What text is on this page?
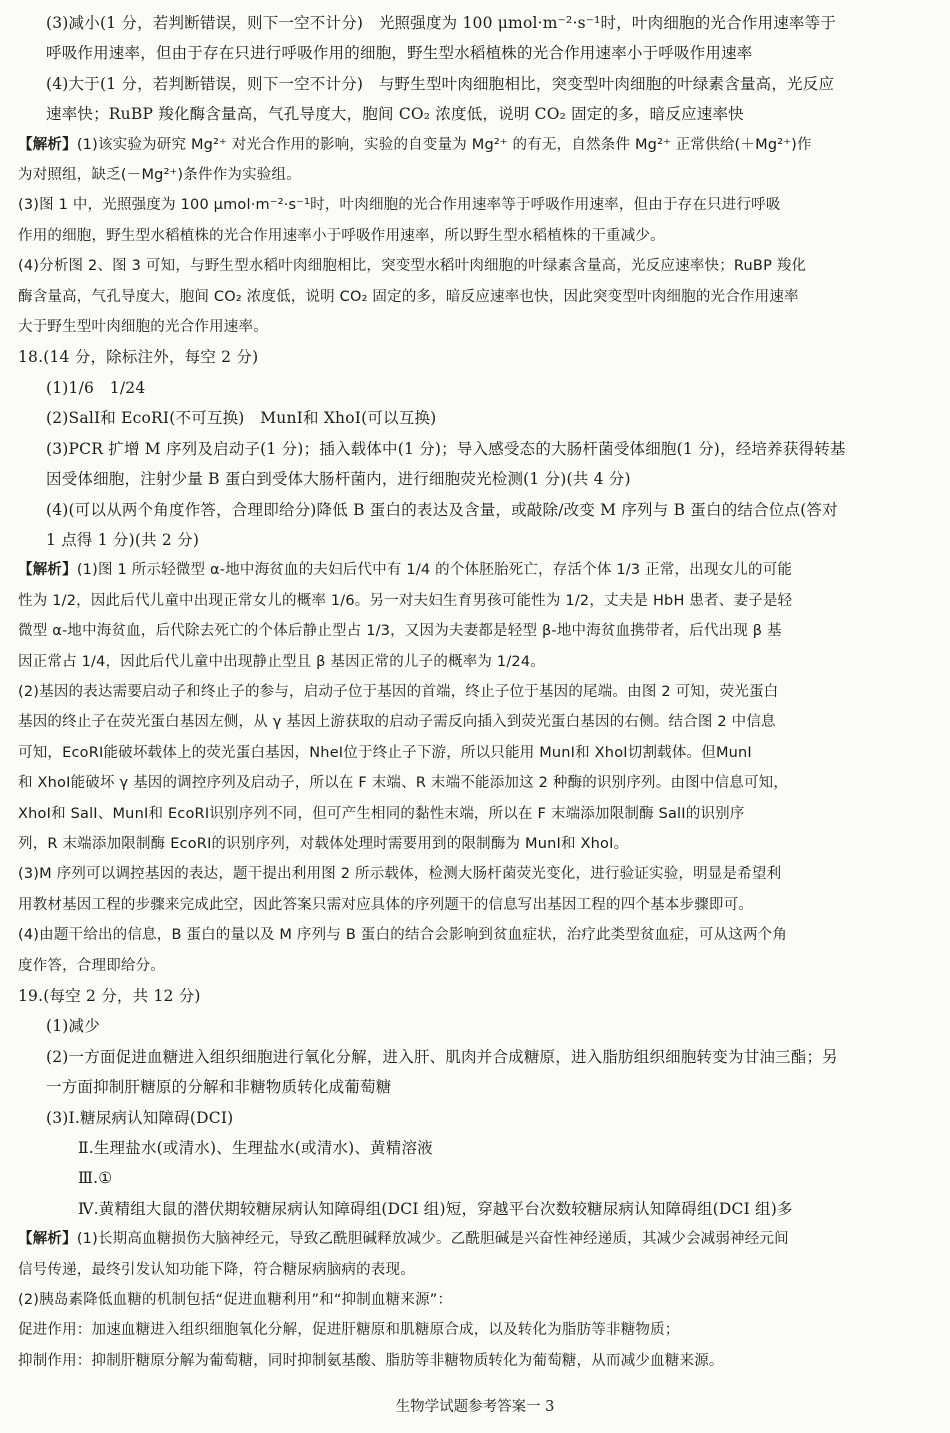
(3)减小(1 分，若判断错误，则下一空不计分)　光照强度为 100 μmol·m⁻²·s⁻¹时，叶肉细胞的光合作用速率等于
呼吸作用速率，但由于存在只进行呼吸作用的细胞，野生型水稻植株的光合作用速率小于呼吸作用速率
(4)大于(1 分，若判断错误，则下一空不计分)　与野生型叶肉细胞相比，突变型叶肉细胞的叶绿素含量高，光反应
速率快；RuBP 羧化酶含量高，气孔导度大，胞间 CO₂ 浓度低，说明 CO₂ 固定的多，暗反应速率快
【解析】(1)该实验为研究 Mg²⁺ 对光合作用的影响，实验的自变量为 Mg²⁺ 的有无，自然条件 Mg²⁺ 正常供给(＋Mg²⁺)作
为对照组，缺乏(－Mg²⁺)条件作为实验组。
(3)图 1 中，光照强度为 100 μmol·m⁻²·s⁻¹时，叶肉细胞的光合作用速率等于呼吸作用速率，但由于存在只进行呼吸
作用的细胞，野生型水稻植株的光合作用速率小于呼吸作用速率，所以野生型水稻植株的干重减少。
(4)分析图 2、图 3 可知，与野生型水稻叶肉细胞相比，突变型水稻叶肉细胞的叶绿素含量高，光反应速率快；RuBP 羧化
酶含量高，气孔导度大，胞间 CO₂ 浓度低，说明 CO₂ 固定的多，暗反应速率也快，因此突变型叶肉细胞的光合作用速率
大于野生型叶肉细胞的光合作用速率。
18.(14 分，除标注外，每空 2 分)
(1)1/6　1/24
(2)SalⅠ和 EcoRⅠ(不可互换)　MunⅠ和 XhoⅠ(可以互换)
(3)PCR 扩增 M 序列及启动子(1 分)；插入载体中(1 分)；导入感受态的大肠杆菌受体细胞(1 分)，经培养获得转基
因受体细胞，注射少量 B 蛋白到受体大肠杆菌内，进行细胞荧光检测(1 分)(共 4 分)
(4)(可以从两个角度作答，合理即给分)降低 B 蛋白的表达及含量，或敲除/改变 M 序列与 B 蛋白的结合位点(答对
1 点得 1 分)(共 2 分)
【解析】(1)图 1 所示轻微型 α-地中海贫血的夫妇后代中有 1/4 的个体胚胎死亡，存活个体 1/3 正常，出现女儿的可能
性为 1/2，因此后代儿童中出现正常女儿的概率 1/6。另一对夫妇生育男孩可能性为 1/2，丈夫是 HbH 患者、妻子是轻
微型 α-地中海贫血，后代除去死亡的个体后静止型占 1/3，又因为夫妻都是轻型 β-地中海贫血携带者，后代出现 β 基
因正常占 1/4，因此后代儿童中出现静止型且 β 基因正常的儿子的概率为 1/24。
(2)基因的表达需要启动子和终止子的参与，启动子位于基因的首端，终止子位于基因的尾端。由图 2 可知，荧光蛋白
基因的终止子在荧光蛋白基因左侧，从 γ 基因上游获取的启动子需反向插入到荧光蛋白基因的右侧。结合图 2 中信息
可知，EcoRⅠ能破坏载体上的荧光蛋白基因，NheⅠ位于终止子下游，所以只能用 MunⅠ和 XhoⅠ切割载体。但MunⅠ
和 XhoⅠ能破坏 γ 基因的调控序列及启动子，所以在 F 末端、R 末端不能添加这 2 种酶的识别序列。由图中信息可知，
XhoⅠ和 SalⅠ、MunⅠ和 EcoRⅠ识别序列不同，但可产生相同的黏性末端，所以在 F 末端添加限制酶 SalⅠ的识别序
列，R 末端添加限制酶 EcoRⅠ的识别序列，对载体处理时需要用到的限制酶为 MunⅠ和 XhoⅠ。
(3)M 序列可以调控基因的表达，题干提出利用图 2 所示载体，检测大肠杆菌荧光变化，进行验证实验，明显是希望利
用教材基因工程的步骤来完成此空，因此答案只需对应具体的序列题干的信息写出基因工程的四个基本步骤即可。
(4)由题干给出的信息，B 蛋白的量以及 M 序列与 B 蛋白的结合会影响到贫血症状，治疗此类型贫血症，可从这两个角
度作答，合理即给分。
19.(每空 2 分，共 12 分)
(1)减少
(2)一方面促进血糖进入组织细胞进行氧化分解，进入肝、肌肉并合成糖原，进入脂肪组织细胞转变为甘油三酯；另
一方面抑制肝糖原的分解和非糖物质转化成葡萄糖
(3)Ⅰ.糖尿病认知障碍(DCI)
Ⅱ.生理盐水(或清水)、生理盐水(或清水)、黄精溶液
Ⅲ.①
Ⅳ.黄精组大鼠的潜伏期较糖尿病认知障碍组(DCI 组)短，穿越平台次数较糖尿病认知障碍组(DCI 组)多
【解析】(1)长期高血糖损伤大脑神经元，导致乙酰胆碱释放减少。乙酰胆碱是兴奋性神经递质，其减少会减弱神经元间
信号传递，最终引发认知功能下降，符合糖尿病脑病的表现。
(2)胰岛素降低血糖的机制包括“促进血糖利用”和“抑制血糖来源”：
促进作用：加速血糖进入组织细胞氧化分解，促进肝糖原和肌糖原合成，以及转化为脂肪等非糖物质；
抑制作用：抑制肝糖原分解为葡萄糖，同时抑制氨基酸、脂肪等非糖物质转化为葡萄糖，从而减少血糖来源。
生物学试题参考答案一 3
